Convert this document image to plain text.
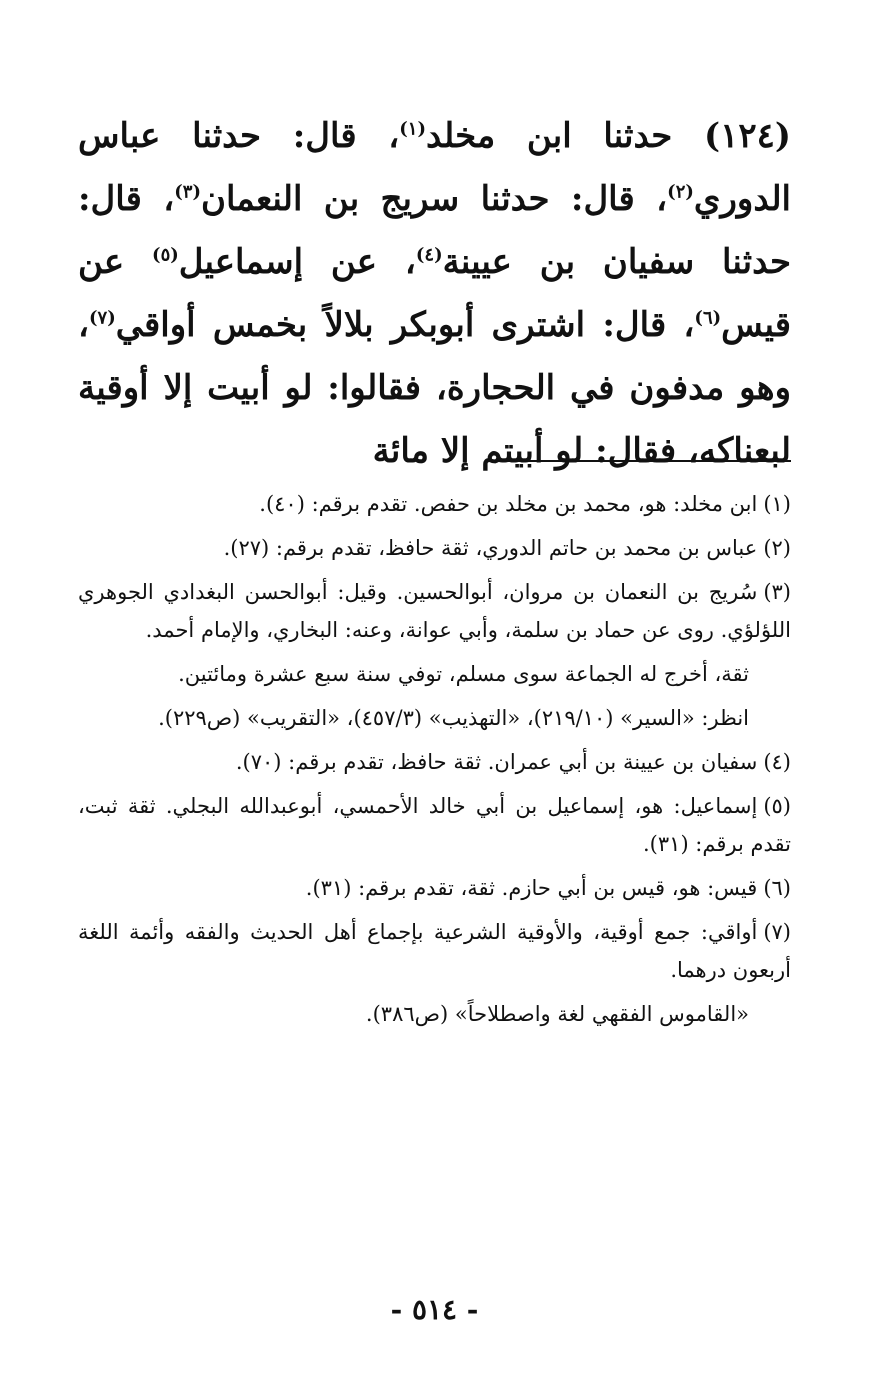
(١٢٤) حدثنا ابن مخلد$^{(١)}$، قال: حدثنا عباس الدوري$^{(٢)}$، قال: حدثنا سريج بن النعمان$^{(٣)}$، قال: حدثنا سفيان بن عيينة$^{(٤)}$، عن إسماعيل$^{(٥)}$ عن قيس$^{(٦)}$، قال: اشترى أبوبكر بلالاً بخمس أواقي$^{(٧)}$، وهو مدفون في الحجارة، فقالوا: لو أبيت إلا أوقية لبعناكه، فقال: لو أبيتم إلا مائة

(١)ابن مخلد: هو، محمد بن مخلد بن حفص. تقدم برقم: (٤٠).

(٢)عباس بن محمد بن حاتم الدوري، ثقة حافظ، تقدم برقم: (٢٧).

(٣)سُريج بن النعمان بن مروان، أبوالحسين. وقيل: أبوالحسن البغدادي الجوهري اللؤلؤي. روى عن حماد بن سلمة، وأبي عوانة، وعنه: البخاري، والإمام أحمد.

ثقة، أخرج له الجماعة سوى مسلم، توفي سنة سبع عشرة ومائتين.

انظر: «السير» (٢١٩/١٠)، «التهذيب» (٤٥٧/٣)، «التقريب» (ص٢٢٩).

(٤)سفيان بن عيينة بن أبي عمران. ثقة حافظ، تقدم برقم: (٧٠).

(٥)إسماعيل: هو، إسماعيل بن أبي خالد الأحمسي، أبوعبدالله البجلي. ثقة ثبت، تقدم برقم: (٣١).

(٦)قيس: هو، قيس بن أبي حازم. ثقة، تقدم برقم: (٣١).

(٧)أواقي: جمع أوقية، والأوقية الشرعية بإجماع أهل الحديث والفقه وأئمة اللغة أربعون درهما.

«القاموس الفقهي لغة واصطلاحاً» (ص٣٨٦).

- ٥١٤ -
